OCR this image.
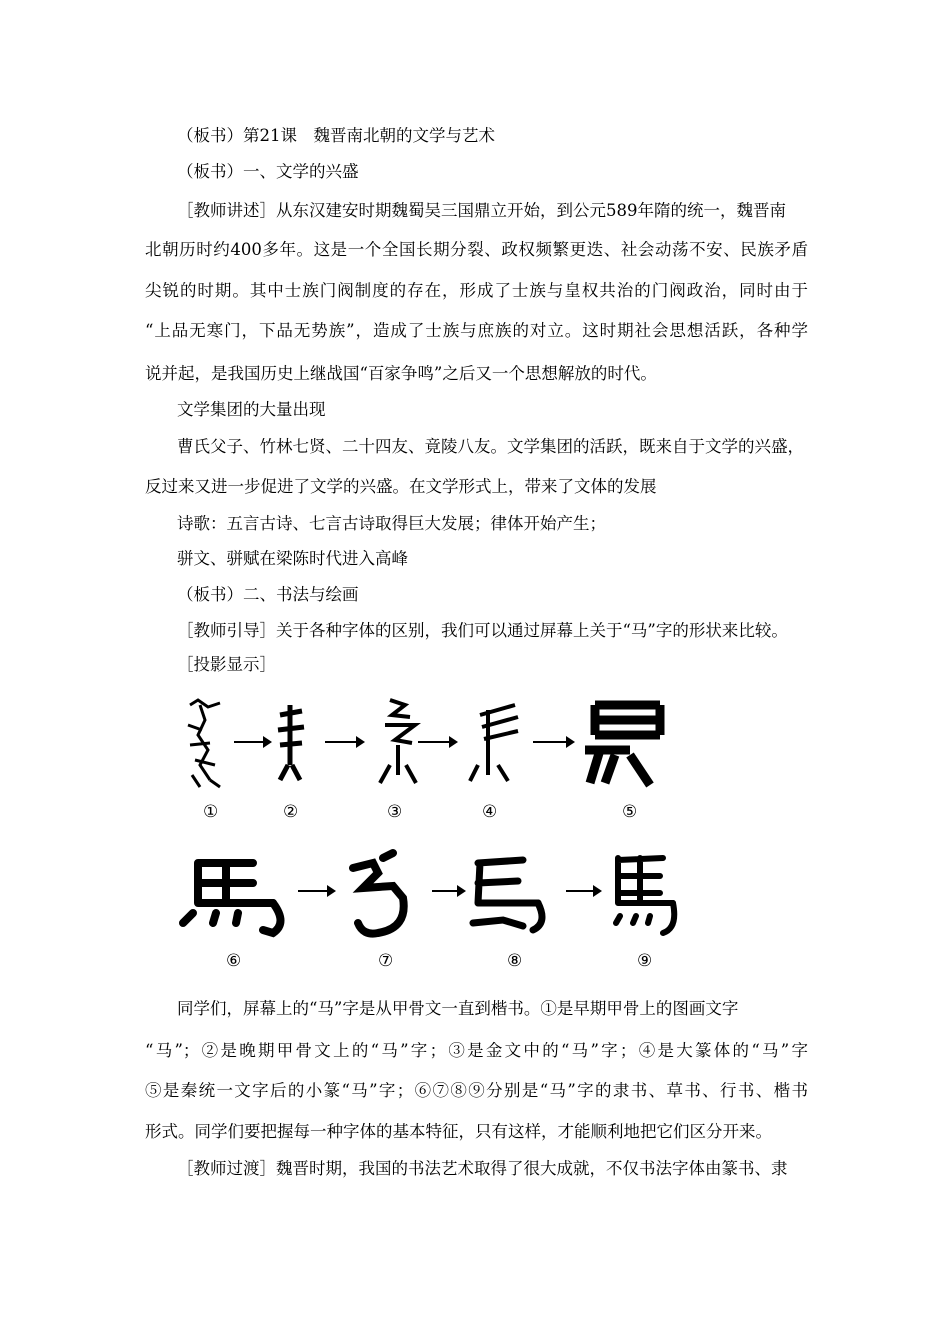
（板书）第21课　魏晋南北朝的文学与艺术
（板书）一、文学的兴盛
［教师讲述］从东汉建安时期魏蜀吴三国鼎立开始，到公元589年隋的统一，魏晋南
北朝历时约400多年。这是一个全国长期分裂、政权频繁更迭、社会动荡不安、民族矛盾
尖锐的时期。其中士族门阀制度的存在，形成了士族与皇权共治的门阀政治，同时由于
“上品无寒门，下品无势族”，造成了士族与庶族的对立。这时期社会思想活跃，各种学
说并起，是我国历史上继战国“百家争鸣”之后又一个思想解放的时代。
文学集团的大量出现
曹氏父子、竹林七贤、二十四友、竟陵八友。文学集团的活跃，既来自于文学的兴盛，
反过来又进一步促进了文学的兴盛。在文学形式上，带来了文体的发展
诗歌：五言古诗、七言古诗取得巨大发展；律体开始产生；
骈文、骈赋在梁陈时代进入高峰
（板书）二、书法与绘画
［教师引导］关于各种字体的区别，我们可以通过屏幕上关于“马”字的形状来比较。
［投影显示］
①	②	③	④	⑤
⑥	⑦	⑧	⑨
同学们，屏幕上的“马”字是从甲骨文一直到楷书。①是早期甲骨上的图画文字
“马”；②是晚期甲骨文上的“马”字；③是金文中的“马”字；④是大篆体的“马”字
⑤是秦统一文字后的小篆“马”字；⑥⑦⑧⑨分别是“马”字的隶书、草书、行书、楷书
形式。同学们要把握每一种字体的基本特征，只有这样，才能顺利地把它们区分开来。
［教师过渡］魏晋时期，我国的书法艺术取得了很大成就，不仅书法字体由篆书、隶
